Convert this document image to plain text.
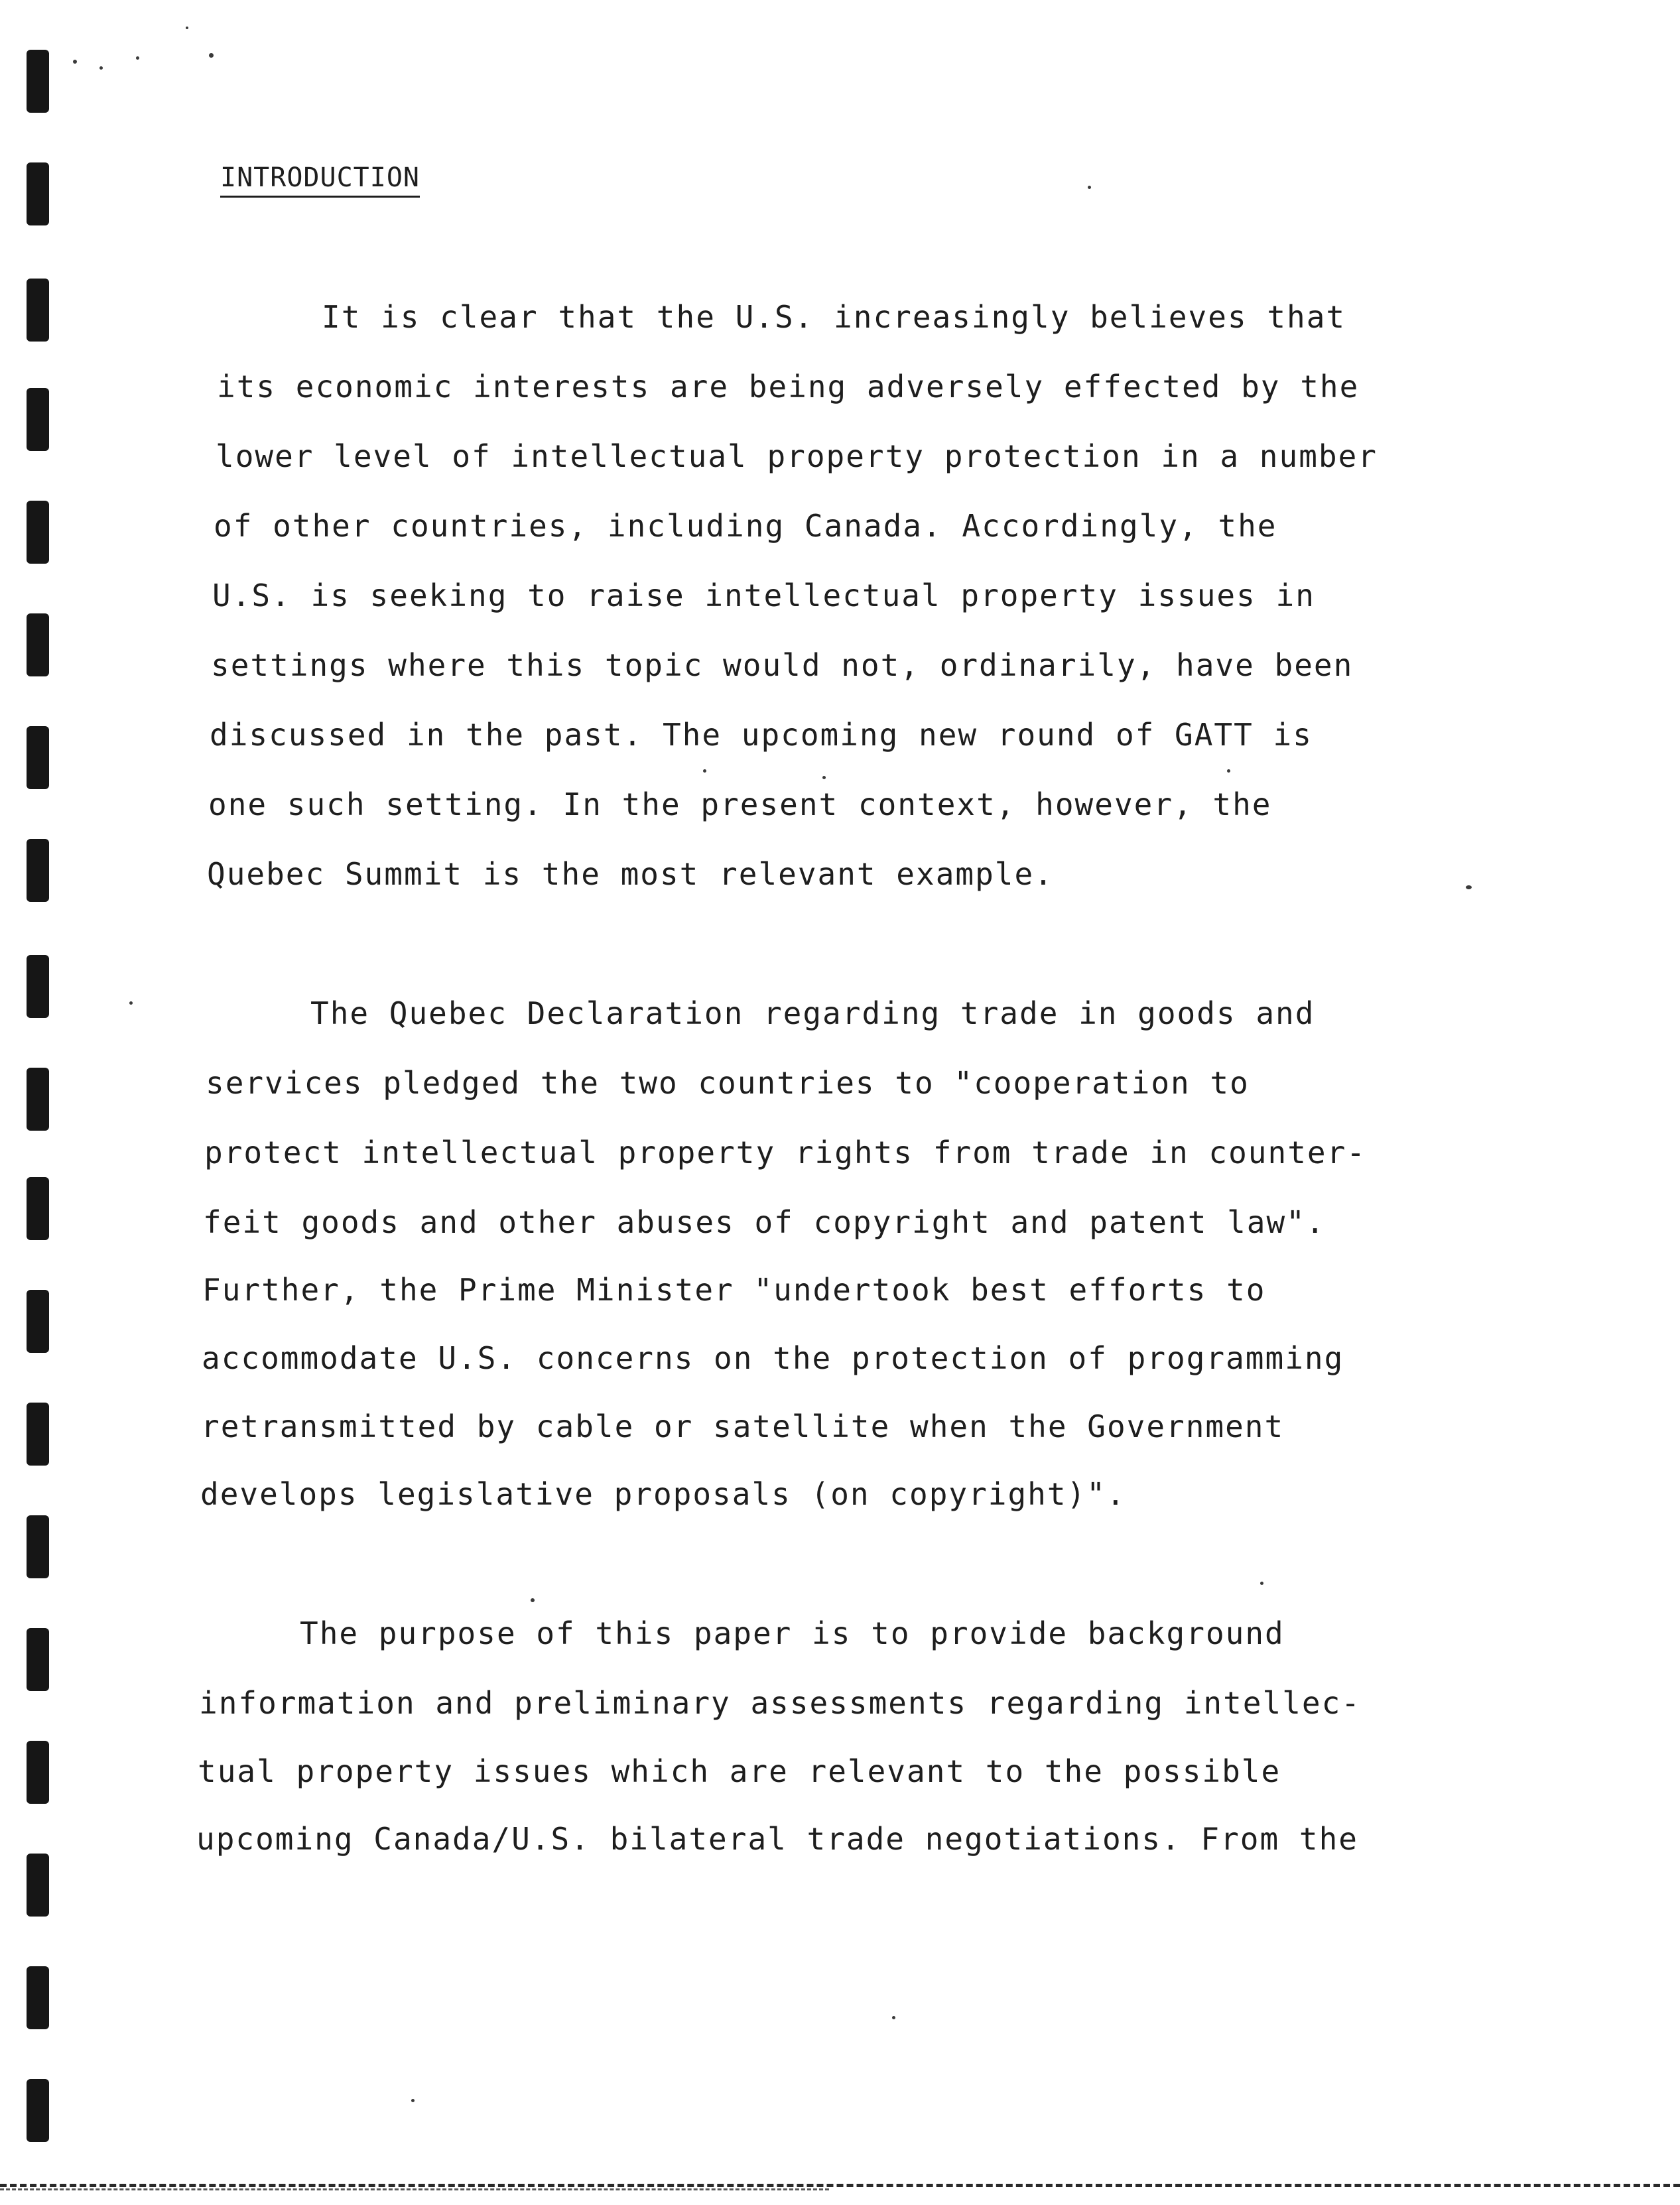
INTRODUCTION
It is clear that the U.S. increasingly believes that
its economic interests are being adversely effected by the
lower level of intellectual property protection in a number
of other countries, including Canada. Accordingly, the
U.S. is seeking to raise intellectual property issues in
settings where this topic would not, ordinarily, have been
discussed in the past. The upcoming new round of GATT is
one such setting. In the present context, however, the
Quebec Summit is the most relevant example.
The Quebec Declaration regarding trade in goods and
services pledged the two countries to "cooperation to
protect intellectual property rights from trade in counter-
feit goods and other abuses of copyright and patent law".
Further, the Prime Minister "undertook best efforts to
accommodate U.S. concerns on the protection of programming
retransmitted by cable or satellite when the Government
develops legislative proposals (on copyright)".
The purpose of this paper is to provide background
information and preliminary assessments regarding intellec-
tual property issues which are relevant to the possible
upcoming Canada/U.S. bilateral trade negotiations. From the
